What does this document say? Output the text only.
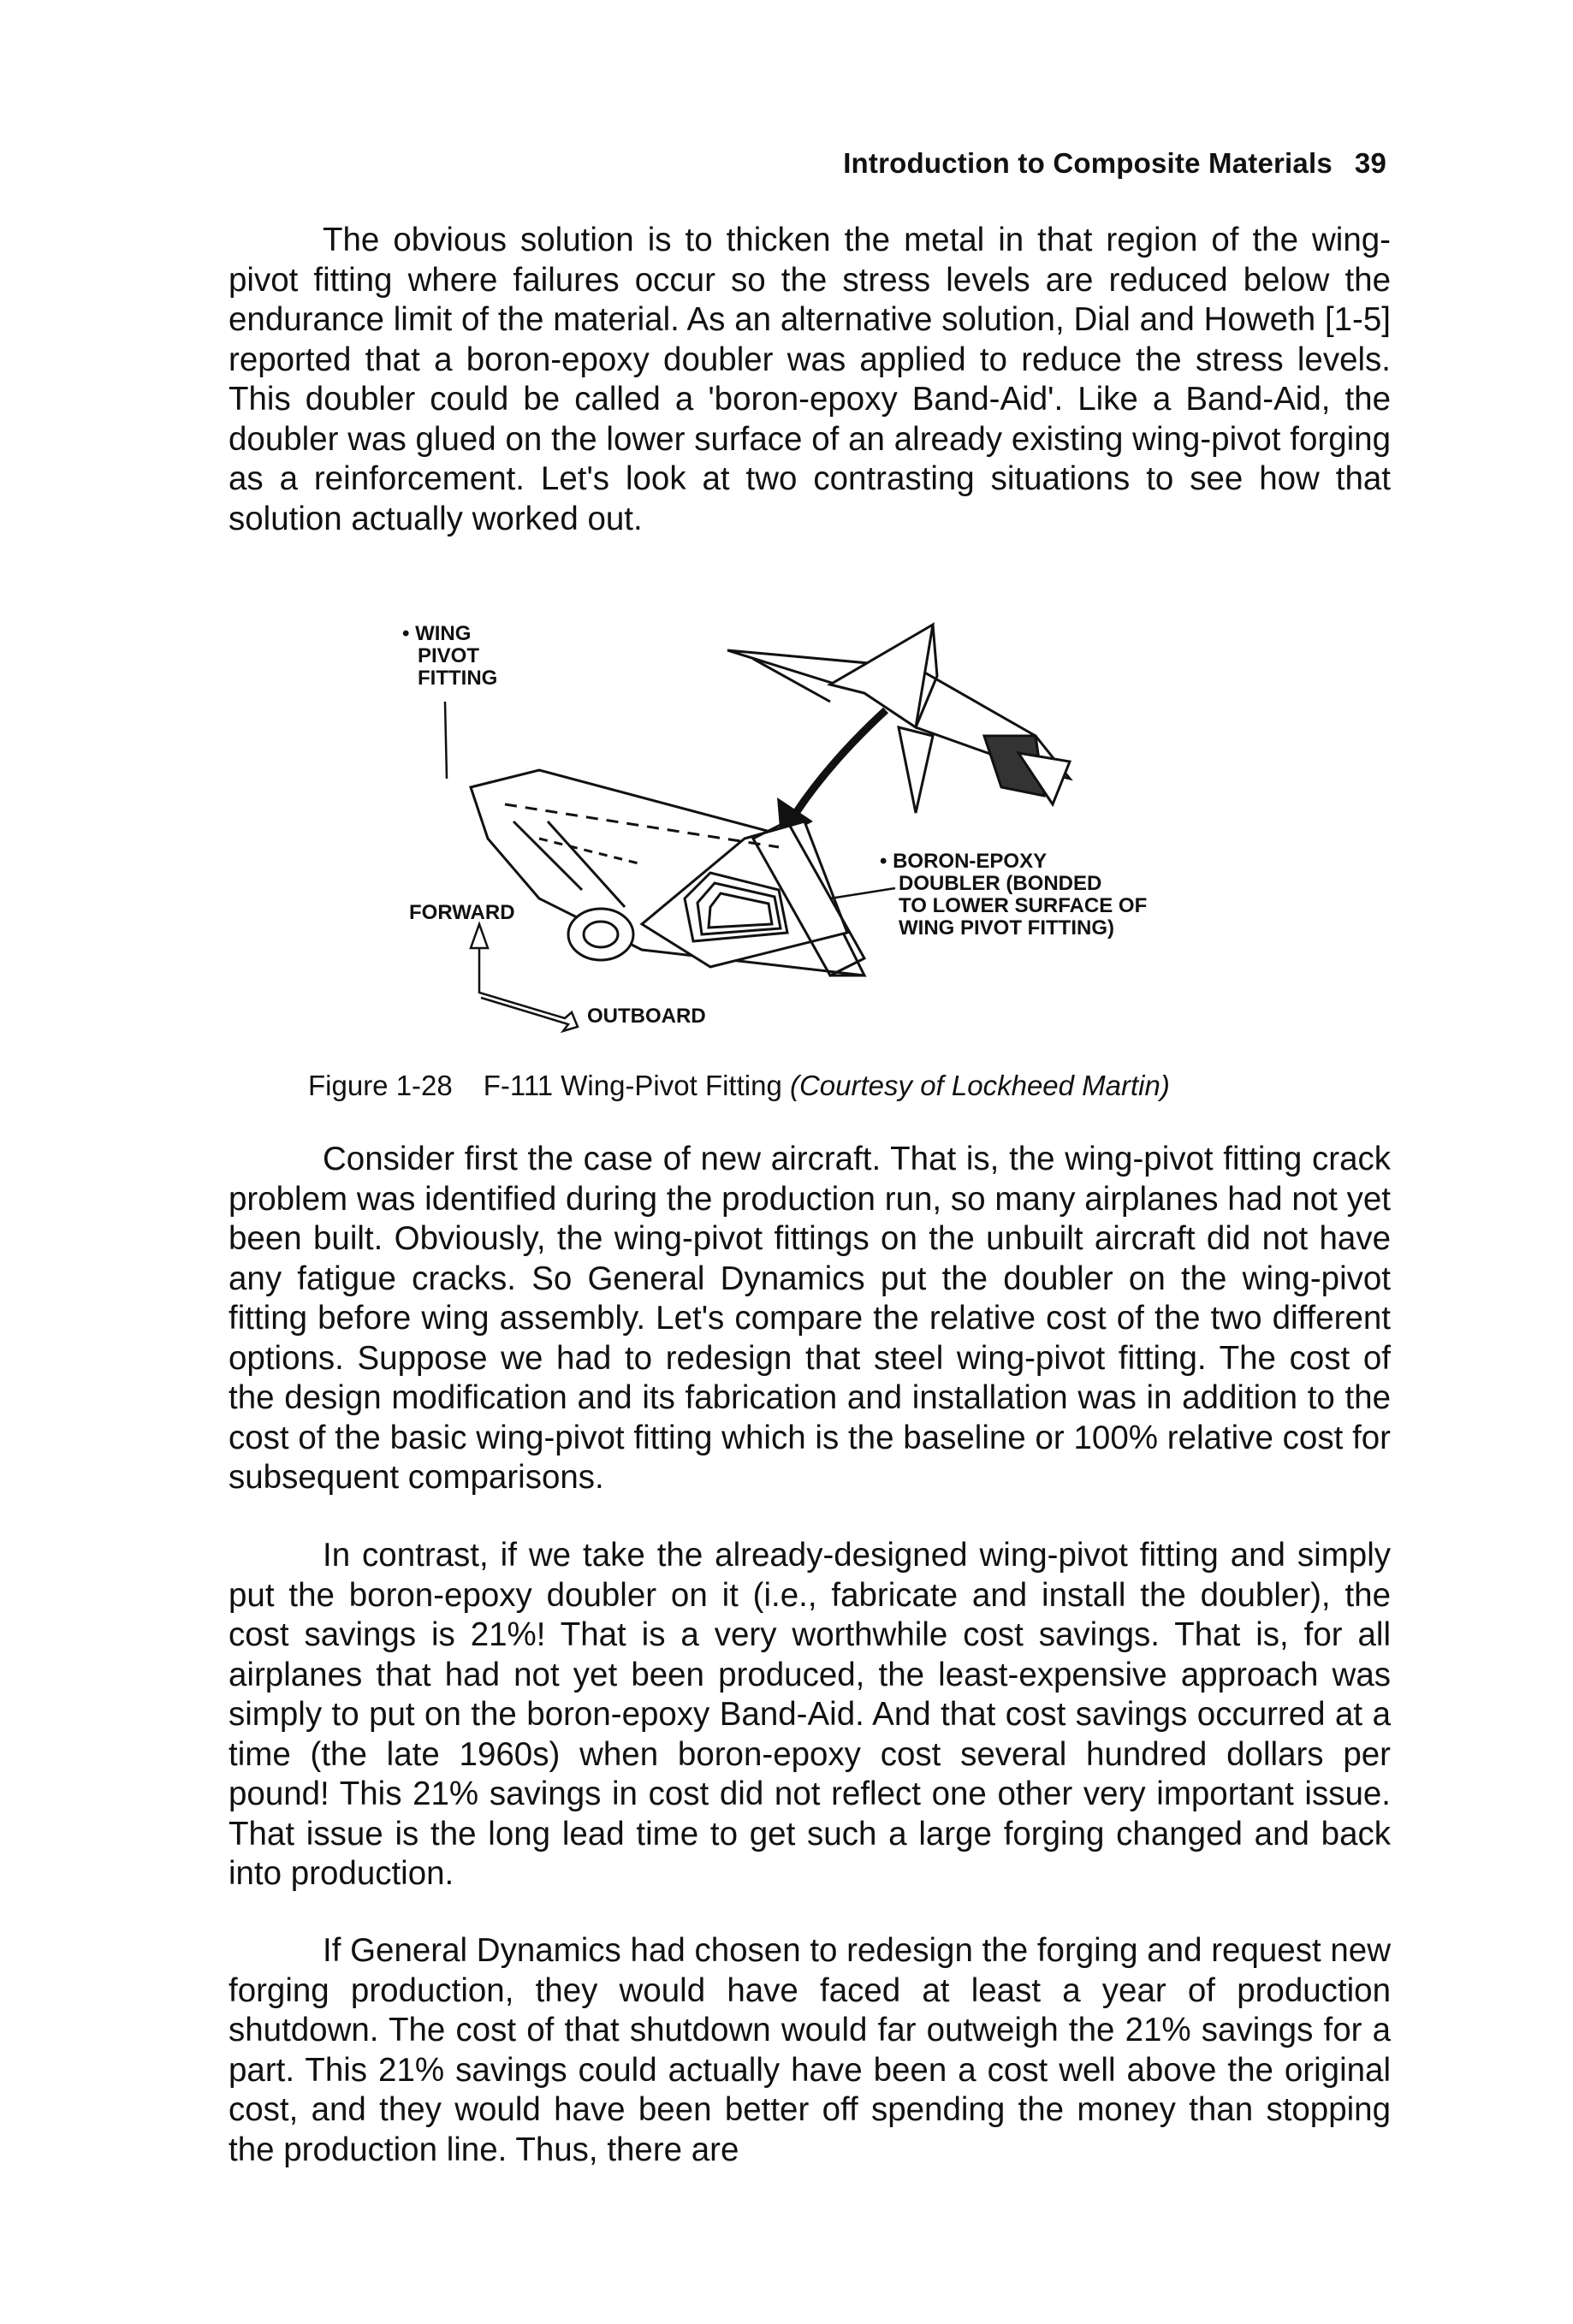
Introduction to Composite Materials 39

The obvious solution is to thicken the metal in that region of the wing-pivot fitting where failures occur so the stress levels are reduced below the endurance limit of the material. As an alternative solution, Dial and Howeth [1-5] reported that a boron-epoxy doubler was applied to reduce the stress levels. This doubler could be called a 'boron-epoxy Band-Aid'. Like a Band-Aid, the doubler was glued on the lower surface of an already existing wing-pivot forging as a reinforcement. Let's look at two contrasting situations to see how that solution actually worked out.

• WING
PIVOT
FITTING
• BORON-EPOXY
DOUBLER (BONDED
TO LOWER SURFACE OF
WING PIVOT FITTING)
FORWARD
OUTBOARD
Figure 1-28 F-111 Wing-Pivot Fitting (Courtesy of Lockheed Martin)

Consider first the case of new aircraft. That is, the wing-pivot fitting crack problem was identified during the production run, so many airplanes had not yet been built. Obviously, the wing-pivot fittings on the unbuilt aircraft did not have any fatigue cracks. So General Dynamics put the doubler on the wing-pivot fitting before wing assembly. Let's compare the relative cost of the two different options. Suppose we had to redesign that steel wing-pivot fitting. The cost of the design modification and its fabrication and installation was in addition to the cost of the basic wing-pivot fitting which is the baseline or 100% relative cost for subsequent comparisons.

In contrast, if we take the already-designed wing-pivot fitting and simply put the boron-epoxy doubler on it (i.e., fabricate and install the doubler), the cost savings is 21%! That is a very worthwhile cost savings. That is, for all airplanes that had not yet been produced, the least-expensive approach was simply to put on the boron-epoxy Band-Aid. And that cost savings occurred at a time (the late 1960s) when boron-epoxy cost several hundred dollars per pound! This 21% savings in cost did not reflect one other very important issue. That issue is the long lead time to get such a large forging changed and back into production.

If General Dynamics had chosen to redesign the forging and request new forging production, they would have faced at least a year of production shutdown. The cost of that shutdown would far outweigh the 21% savings for a part. This 21% savings could actually have been a cost well above the original cost, and they would have been better off spending the money than stopping the production line. Thus, there are
